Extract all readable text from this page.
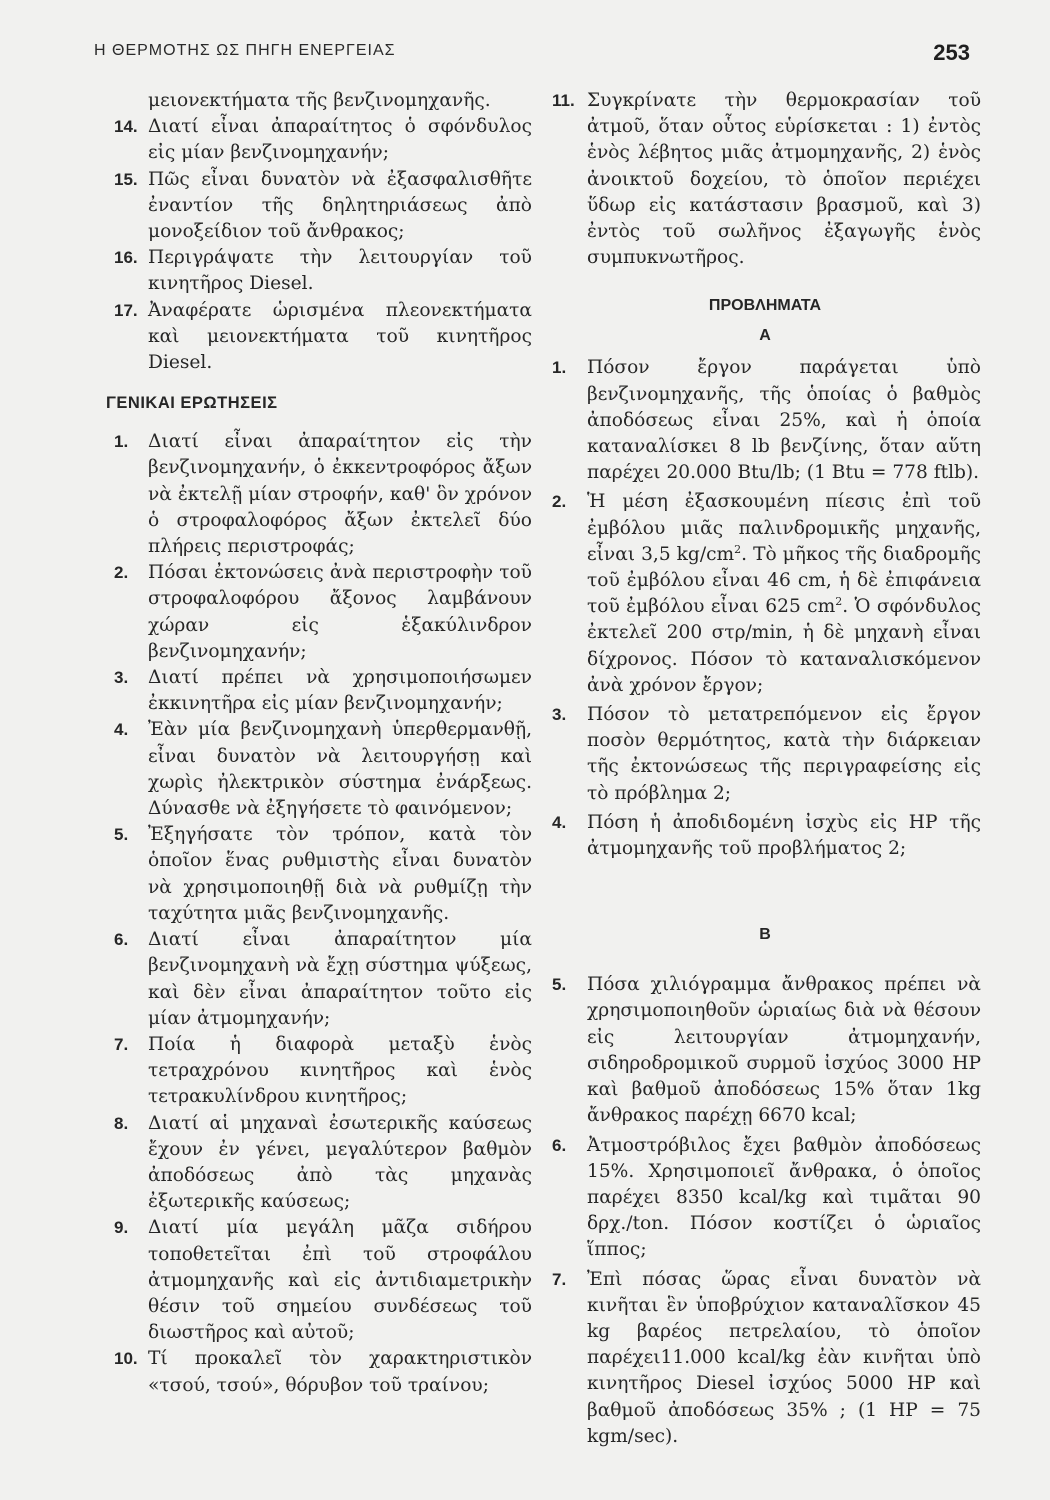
Η ΘΕΡΜΟΤΗΣ ΩΣ ΠΗΓΗ ΕΝΕΡΓΕΙΑΣ	253
μειονεκτήματα τῆς βενζινομηχανῆς.
14. Διατί εἶναι ἀπαραίτητος ὁ σφόνδυλος εἰς μίαν βενζινομηχανήν;
15. Πῶς εἶναι δυνατὸν νὰ ἐξασφαλισθῆτε ἐναντίον τῆς δηλητηριάσεως ἀπὸ μονοξείδιον τοῦ ἄνθρακος;
16. Περιγράψατε τὴν λειτουργίαν τοῦ κινητῆρος Diesel.
17. Ἀναφέρατε ὡρισμένα πλεονεκτήματα καὶ μειονεκτήματα τοῦ κινητῆρος Diesel.
ΓΕΝΙΚΑΙ ΕΡΩΤΗΣΕΙΣ
1. Διατί εἶναι ἀπαραίτητον εἰς τὴν βενζινομηχανήν, ὁ ἐκκεντροφόρος ἄξων νὰ ἐκτελῇ μίαν στροφήν, καθ' ὃν χρόνον ὁ στροφαλοφόρος ἄξων ἐκτελεῖ δύο πλήρεις περιστροφάς;
2. Πόσαι ἐκτονώσεις ἀνὰ περιστροφὴν τοῦ στροφαλοφόρου ἄξονος λαμβάνουν χώραν εἰς ἑξακύλινδρον βενζινομηχανήν;
3. Διατί πρέπει νὰ χρησιμοποιήσωμεν ἐκκινητῆρα εἰς μίαν βενζινομηχανήν;
4. Ἐὰν μία βενζινομηχανὴ ὑπερθερμανθῇ, εἶναι δυνατὸν νὰ λειτουργήσῃ καὶ χωρὶς ἠλεκτρικὸν σύστημα ἐνάρξεως. Δύνασθε νὰ ἐξηγήσετε τὸ φαινόμενον;
5. Ἐξηγήσατε τὸν τρόπον, κατὰ τὸν ὁποῖον ἕνας ρυθμιστὴς εἶναι δυνατὸν νὰ χρησιμοποιηθῇ διὰ νὰ ρυθμίζῃ τὴν ταχύτητα μιᾶς βενζινομηχανῆς.
6. Διατί εἶναι ἀπαραίτητον μία βενζινομηχανὴ νὰ ἔχῃ σύστημα ψύξεως, καὶ δὲν εἶναι ἀπαραίτητον τοῦτο εἰς μίαν ἀτμομηχανήν;
7. Ποία ἡ διαφορὰ μεταξὺ ἑνὸς τετραχρόνου κινητῆρος καὶ ἑνὸς τετρακυλίνδρου κινητῆρος;
8. Διατί αἱ μηχαναὶ ἐσωτερικῆς καύσεως ἔχουν ἐν γένει, μεγαλύτερον βαθμὸν ἀποδόσεως ἀπὸ τὰς μηχανὰς ἐξωτερικῆς καύσεως;
9. Διατί μία μεγάλη μᾶζα σιδήρου τοποθετεῖται ἐπὶ τοῦ στροφάλου ἀτμομηχανῆς καὶ εἰς ἀντιδιαμετρικὴν θέσιν τοῦ σημείου συνδέσεως τοῦ διωστῆρος καὶ αὐτοῦ;
10. Τί προκαλεῖ τὸν χαρακτηριστικὸν «τσού, τσού», θόρυβον τοῦ τραίνου;
11. Συγκρίνατε τὴν θερμοκρασίαν τοῦ ἀτμοῦ, ὅταν οὗτος εὑρίσκεται : 1) ἐντὸς ἑνὸς λέβητος μιᾶς ἀτμομηχανῆς, 2) ἑνὸς ἀνοικτοῦ δοχείου, τὸ ὁποῖον περιέχει ὕδωρ εἰς κατάστασιν βρασμοῦ, καὶ 3) ἐντὸς τοῦ σωλῆνος ἐξαγωγῆς ἑνὸς συμπυκνωτῆρος.
ΠΡΟΒΛΗΜΑΤΑ
Α
1. Πόσον ἔργον παράγεται ὑπὸ βενζινομηχανῆς, τῆς ὁποίας ὁ βαθμὸς ἀποδόσεως εἶναι 25%, καὶ ἡ ὁποία καταναλίσκει 8 lb βενζίνης, ὅταν αὕτη παρέχει 20.000 Btu/lb; (1 Btu = 778 ftlb).
2. Ἡ μέση ἐξασκουμένη πίεσις ἐπὶ τοῦ ἐμβόλου μιᾶς παλινδρομικῆς μηχανῆς, εἶναι 3,5 $kg/cm^2$. Τὸ μῆκος τῆς διαδρομῆς τοῦ ἐμβόλου εἶναι 46 cm, ἡ δὲ ἐπιφάνεια τοῦ ἐμβόλου εἶναι 625 $cm^2$. Ὁ σφόνδυλος ἐκτελεῖ 200 στρ/min, ἡ δὲ μηχανὴ εἶναι δίχρονος. Πόσον τὸ καταναλισκόμενον ἀνὰ χρόνον ἔργον;
3. Πόσον τὸ μετατρεπόμενον εἰς ἔργον ποσὸν θερμότητος, κατὰ τὴν διάρκειαν τῆς ἐκτονώσεως τῆς περιγραφείσης εἰς τὸ πρόβλημα 2;
4. Πόση ἡ ἀποδιδομένη ἰσχὺς εἰς HP τῆς ἀτμομηχανῆς τοῦ προβλήματος 2;
Β
5. Πόσα χιλιόγραμμα ἄνθρακος πρέπει νὰ χρησιμοποιηθοῦν ὡριαίως διὰ νὰ θέσουν εἰς λειτουργίαν ἀτμομηχανήν, σιδηροδρομικοῦ συρμοῦ ἰσχύος 3000 HP καὶ βαθμοῦ ἀποδόσεως 15% ὅταν 1kg ἄνθρακος παρέχῃ 6670 kcal;
6. Ἀτμοστρόβιλος ἔχει βαθμὸν ἀποδόσεως 15%. Χρησιμοποιεῖ ἄνθρακα, ὁ ὁποῖος παρέχει 8350 kcal/kg καὶ τιμᾶται 90 δρχ./ton. Πόσον κοστίζει ὁ ὡριαῖος ἵππος;
7. Ἐπὶ πόσας ὥρας εἶναι δυνατὸν νὰ κινῆται ἓν ὑποβρύχιον καταναλῖσκον 45 kg βαρέος πετρελαίου, τὸ ὁποῖον παρέχει11.000 kcal/kg ἐὰν κινῆται ὑπὸ κινητῆρος Diesel ἰσχύος 5000 HP καὶ βαθμοῦ ἀποδόσεως 35% ; (1 HP = 75 kgm/sec).
